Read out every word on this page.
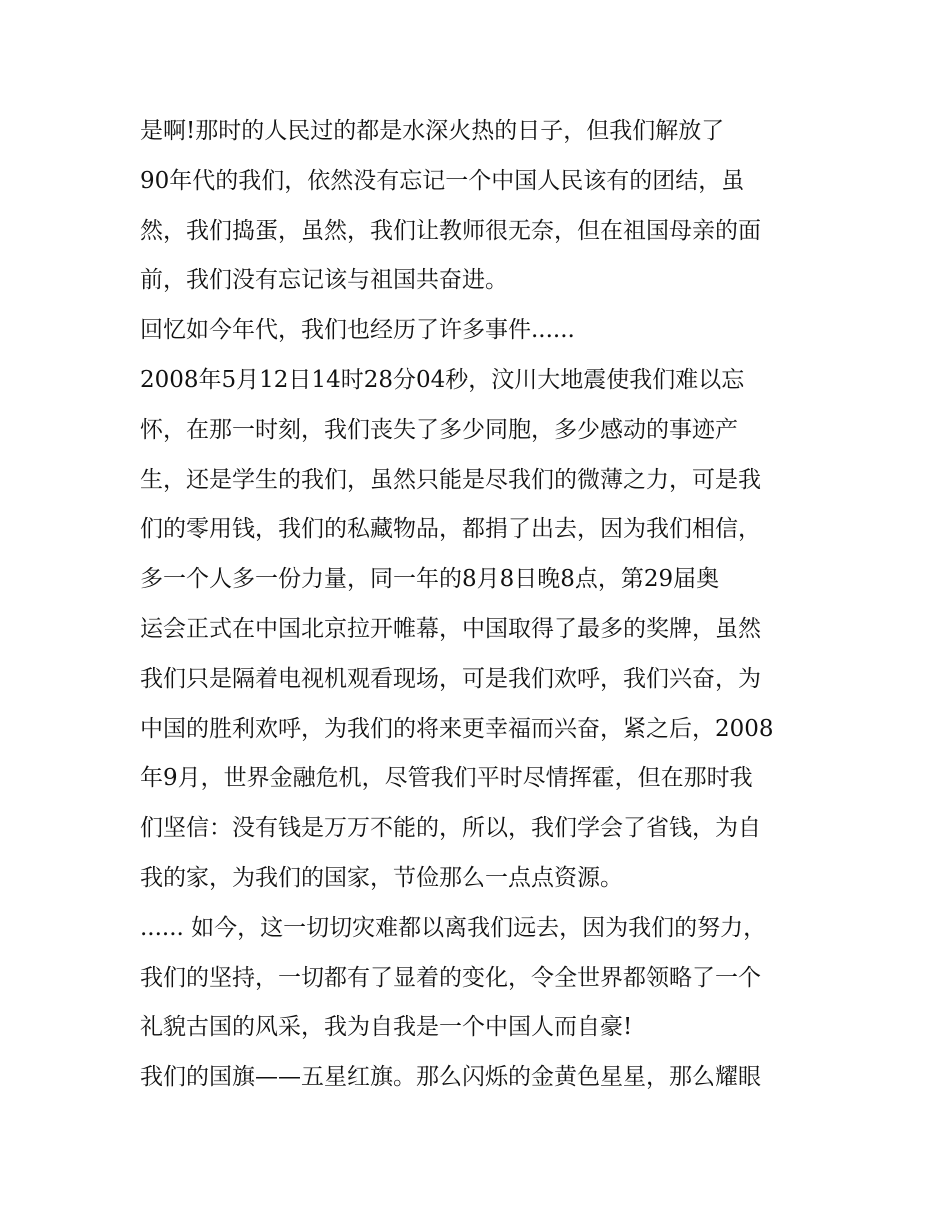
是啊!那时的人民过的都是水深火热的日子，但我们解放了
90年代的我们，依然没有忘记一个中国人民该有的团结，虽
然，我们捣蛋，虽然，我们让教师很无奈，但在祖国母亲的面
前，我们没有忘记该与祖国共奋进。
回忆如今年代，我们也经历了许多事件......
2008年5月12日14时28分04秒，汶川大地震使我们难以忘
怀，在那一时刻，我们丧失了多少同胞，多少感动的事迹产
生，还是学生的我们，虽然只能是尽我们的微薄之力，可是我
们的零用钱，我们的私藏物品，都捐了出去，因为我们相信，
多一个人多一份力量，同一年的8月8日晚8点，第29届奥
运会正式在中国北京拉开帷幕，中国取得了最多的奖牌，虽然
我们只是隔着电视机观看现场，可是我们欢呼，我们兴奋，为
中国的胜利欢呼，为我们的将来更幸福而兴奋，紧之后，2008
年9月，世界金融危机，尽管我们平时尽情挥霍，但在那时我
们坚信：没有钱是万万不能的，所以，我们学会了省钱，为自
我的家，为我们的国家，节俭那么一点点资源。
...... 如今，这一切切灾难都以离我们远去，因为我们的努力，
我们的坚持，一切都有了显着的变化，令全世界都领略了一个
礼貌古国的风采，我为自我是一个中国人而自豪!
我们的国旗——五星红旗。那么闪烁的金黄色星星，那么耀眼
